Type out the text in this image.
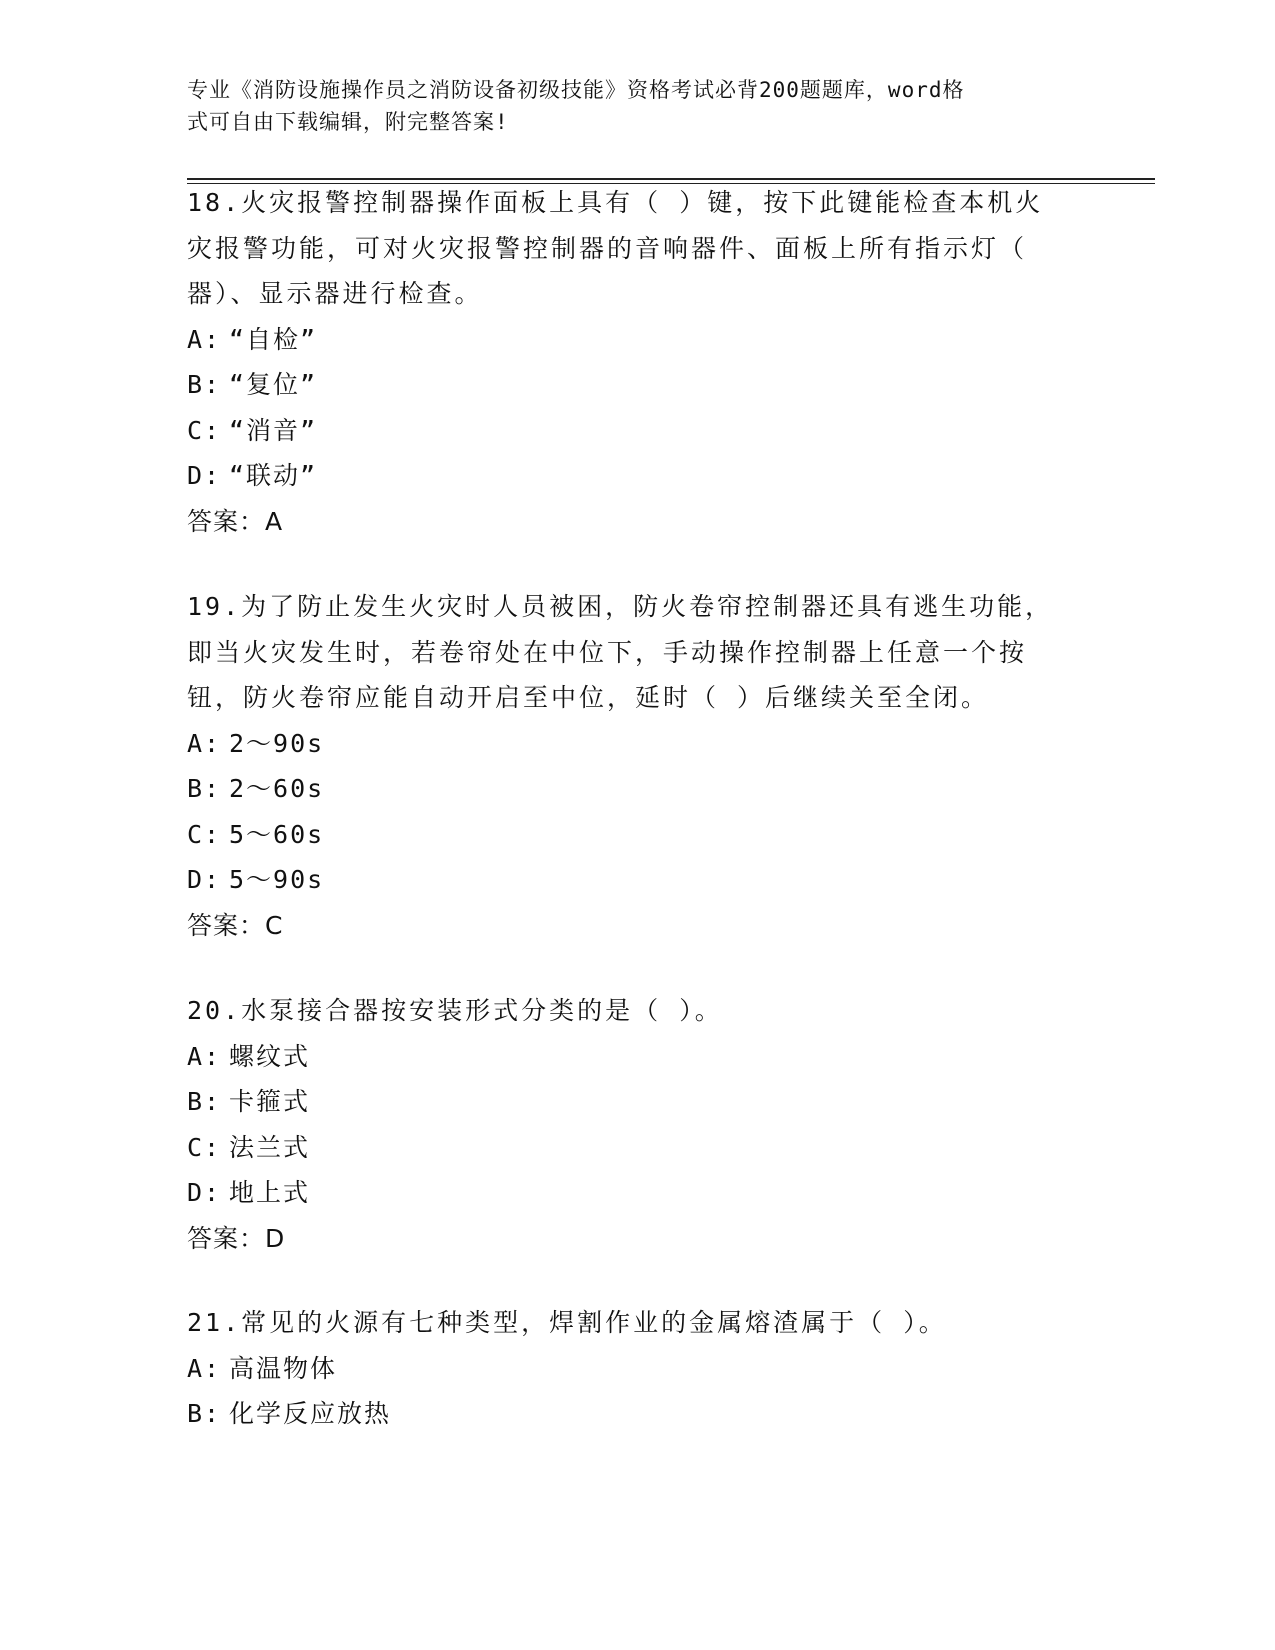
专业《消防设施操作员之消防设备初级技能》资格考试必背200题题库，word格
式可自由下载编辑，附完整答案!

18.火灾报警控制器操作面板上具有（ ）键，按下此键能检查本机火

灾报警功能，可对火灾报警控制器的音响器件、面板上所有指示灯（

器）、显示器进行检查。

A: “自检”

B: “复位”

C: “消音”

D: “联动”

答案：A

19.为了防止发生火灾时人员被困，防火卷帘控制器还具有逃生功能，

即当火灾发生时，若卷帘处在中位下，手动操作控制器上任意一个按

钮，防火卷帘应能自动开启至中位，延时（ ）后继续关至全闭。

A: 2～90s

B: 2～60s

C: 5～60s

D: 5～90s

答案：C

20.水泵接合器按安装形式分类的是（ ）。

A: 螺纹式

B: 卡箍式

C: 法兰式

D: 地上式

答案：D

21.常见的火源有七种类型，焊割作业的金属熔渣属于（ ）。

A: 高温物体

B: 化学反应放热
